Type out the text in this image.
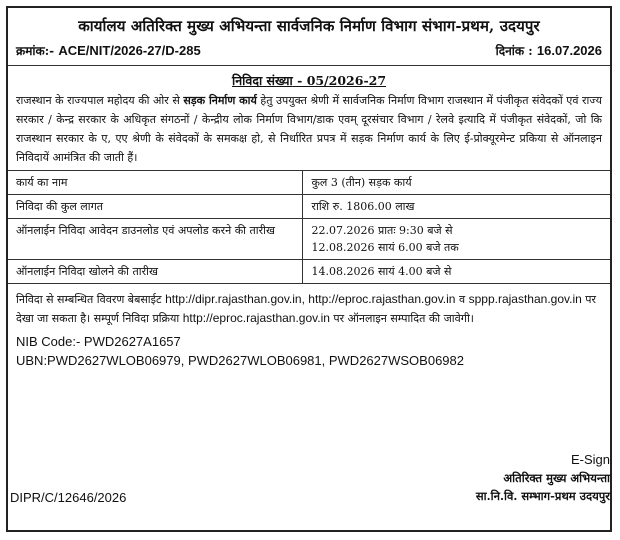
कार्यालय अतिरिक्त मुख्य अभियन्ता सार्वजनिक निर्माण विभाग संभाग-प्रथम, उदयपुर
क्रमांक:- ACE/NIT/2026-27/D-285	दिनांक : 16.07.2026
निविदा संख्या - 05/2026-27
राजस्थान के राज्यपाल महोदय की ओर से सड़क निर्माण कार्य हेतु उपयुक्त श्रेणी में सार्वजनिक निर्माण विभाग राजस्थान में पंजीकृत संवेदकों एवं राज्य सरकार / केन्द्र सरकार के अधिकृत संगठनों / केन्द्रीय लोक निर्माण विभाग/डाक एवम् दूरसंचार विभाग / रेलवे इत्यादि में पंजीकृत संवेदकों, जो कि राजस्थान सरकार के ए, एए श्रेणी के संवेदकों के समकक्ष हो, से निर्धारित प्रपत्र में सड़क निर्माण कार्य के लिए ई-प्रोक्यूरमेन्ट प्रकिया से ऑनलाइन निविदायें आमंत्रित की जाती हैं।
कार्य का नाम	कुल 3 (तीन) सड़क कार्य
निविदा की कुल लागत	राशि रु. 1806.00 लाख
ऑनलाईन निविदा आवेदन डाउनलोड एवं अपलोड करने की तारीख	22.07.2026 प्रातः 9:30 बजे से
12.08.2026 सायं 6.00 बजे तक

ऑनलाईन निविदा खोलने की तारीख	14.08.2026 सायं 4.00 बजे से
निविदा से सम्बन्धित विवरण बेबसाईट http://dipr.rajasthan.gov.in, http://eproc.rajasthan.gov.in व sppp.rajasthan.gov.in पर देखा जा सकता है। सम्पूर्ण निविदा प्रक्रिया http://eproc.rajasthan.gov.in पर ऑनलाइन सम्पादित की जावेगी।
NIB Code:- PWD2627A1657
UBN:PWD2627WLOB06979, PWD2627WLOB06981, PWD2627WSOB06982
E-Sign
अतिरिक्त मुख्य अभियन्ता
सा.नि.वि. सम्भाग-प्रथम उदयपुर
DIPR/C/12646/2026
